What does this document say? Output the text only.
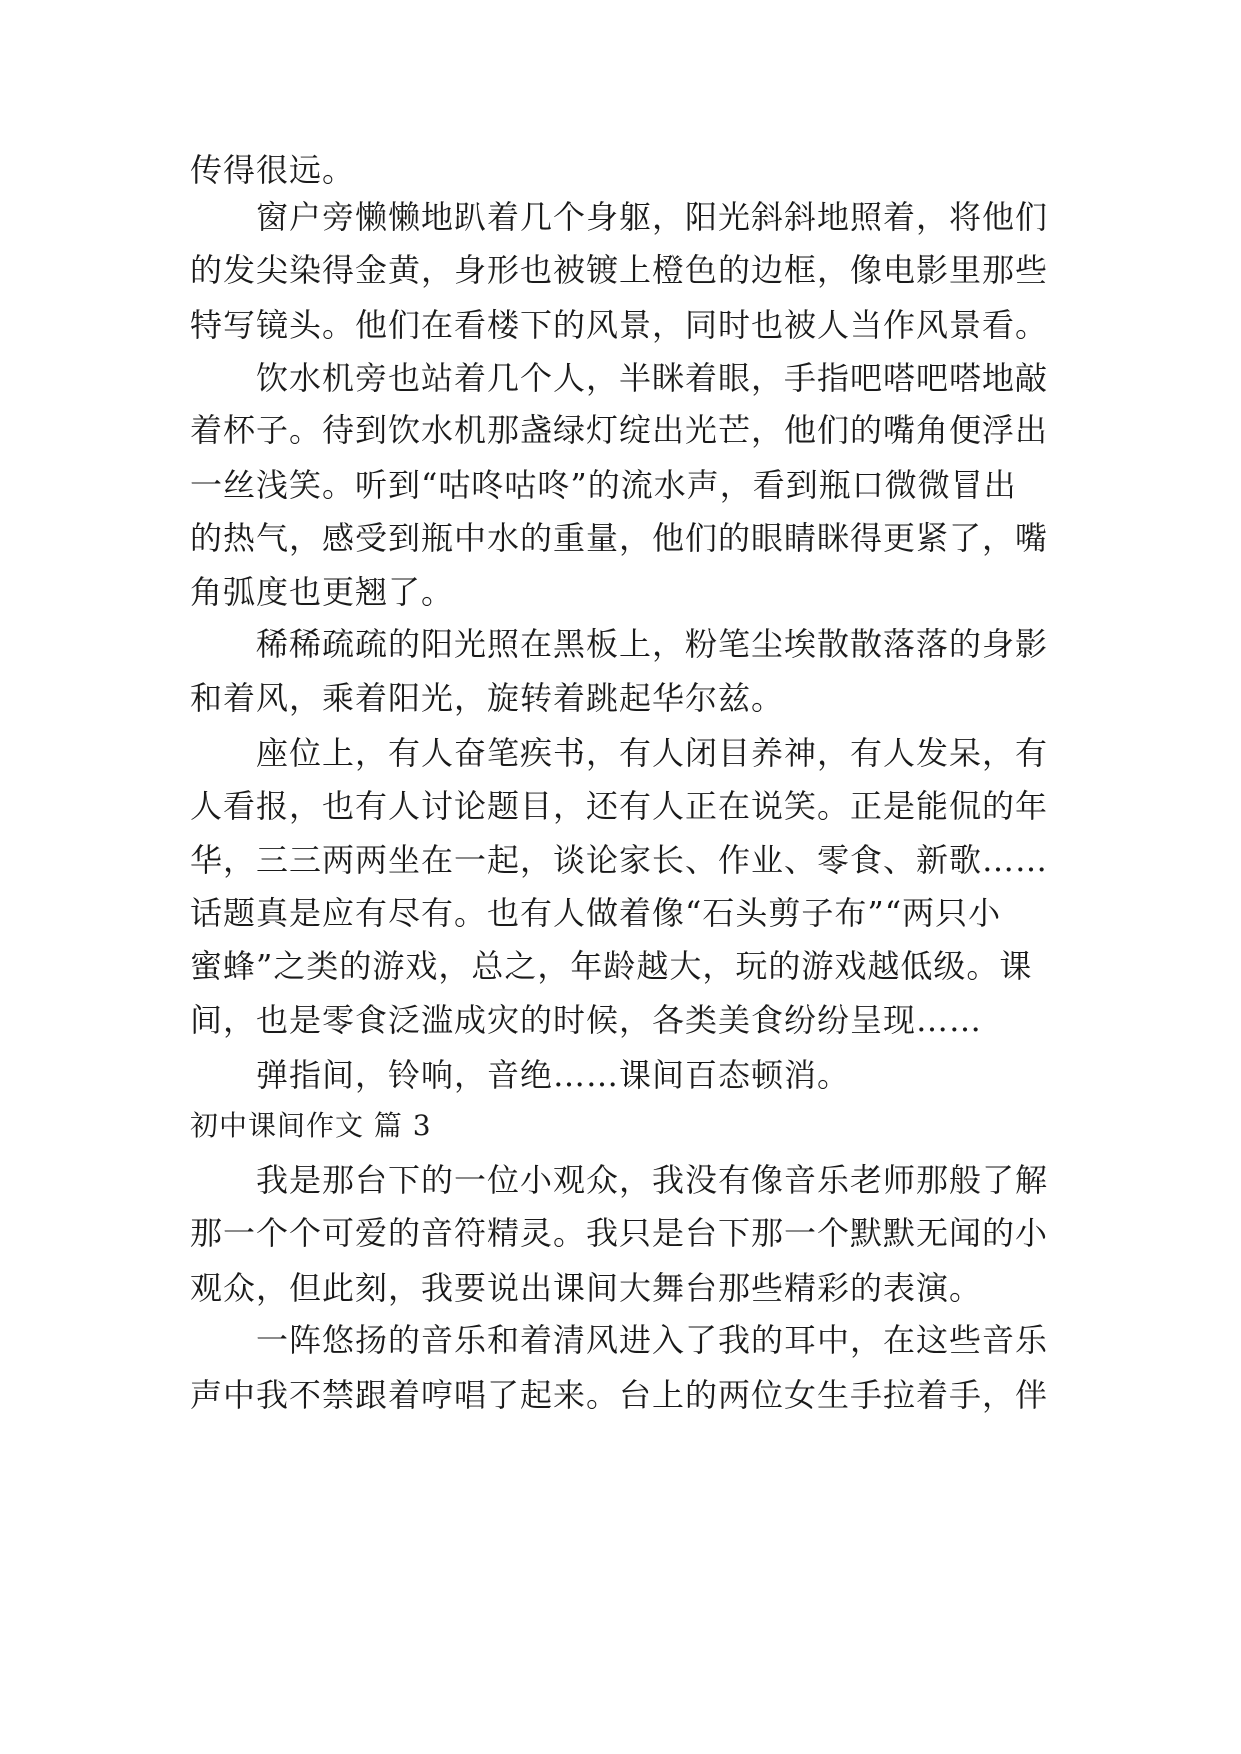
传得很远。
窗户旁懒懒地趴着几个身躯，阳光斜斜地照着，将他们
的发尖染得金黄，身形也被镀上橙色的边框，像电影里那些
特写镜头。他们在看楼下的风景，同时也被人当作风景看。
饮水机旁也站着几个人，半眯着眼，手指吧嗒吧嗒地敲
着杯子。待到饮水机那盏绿灯绽出光芒，他们的嘴角便浮出
一丝浅笑。听到“咕咚咕咚”的流水声，看到瓶口微微冒出
的热气，感受到瓶中水的重量，他们的眼睛眯得更紧了，嘴
角弧度也更翘了。
稀稀疏疏的阳光照在黑板上，粉笔尘埃散散落落的身影
和着风，乘着阳光，旋转着跳起华尔兹。
座位上，有人奋笔疾书，有人闭目养神，有人发呆，有
人看报，也有人讨论题目，还有人正在说笑。正是能侃的年
华，三三两两坐在一起，谈论家长、作业、零食、新歌……
话题真是应有尽有。也有人做着像“石头剪子布”“两只小
蜜蜂”之类的游戏，总之，年龄越大，玩的游戏越低级。课
间，也是零食泛滥成灾的时候，各类美食纷纷呈现……
弹指间，铃响，音绝……课间百态顿消。
初中课间作文 篇 3
我是那台下的一位小观众，我没有像音乐老师那般了解
那一个个可爱的音符精灵。我只是台下那一个默默无闻的小
观众，但此刻，我要说出课间大舞台那些精彩的表演。
一阵悠扬的音乐和着清风进入了我的耳中，在这些音乐
声中我不禁跟着哼唱了起来。台上的两位女生手拉着手，伴
